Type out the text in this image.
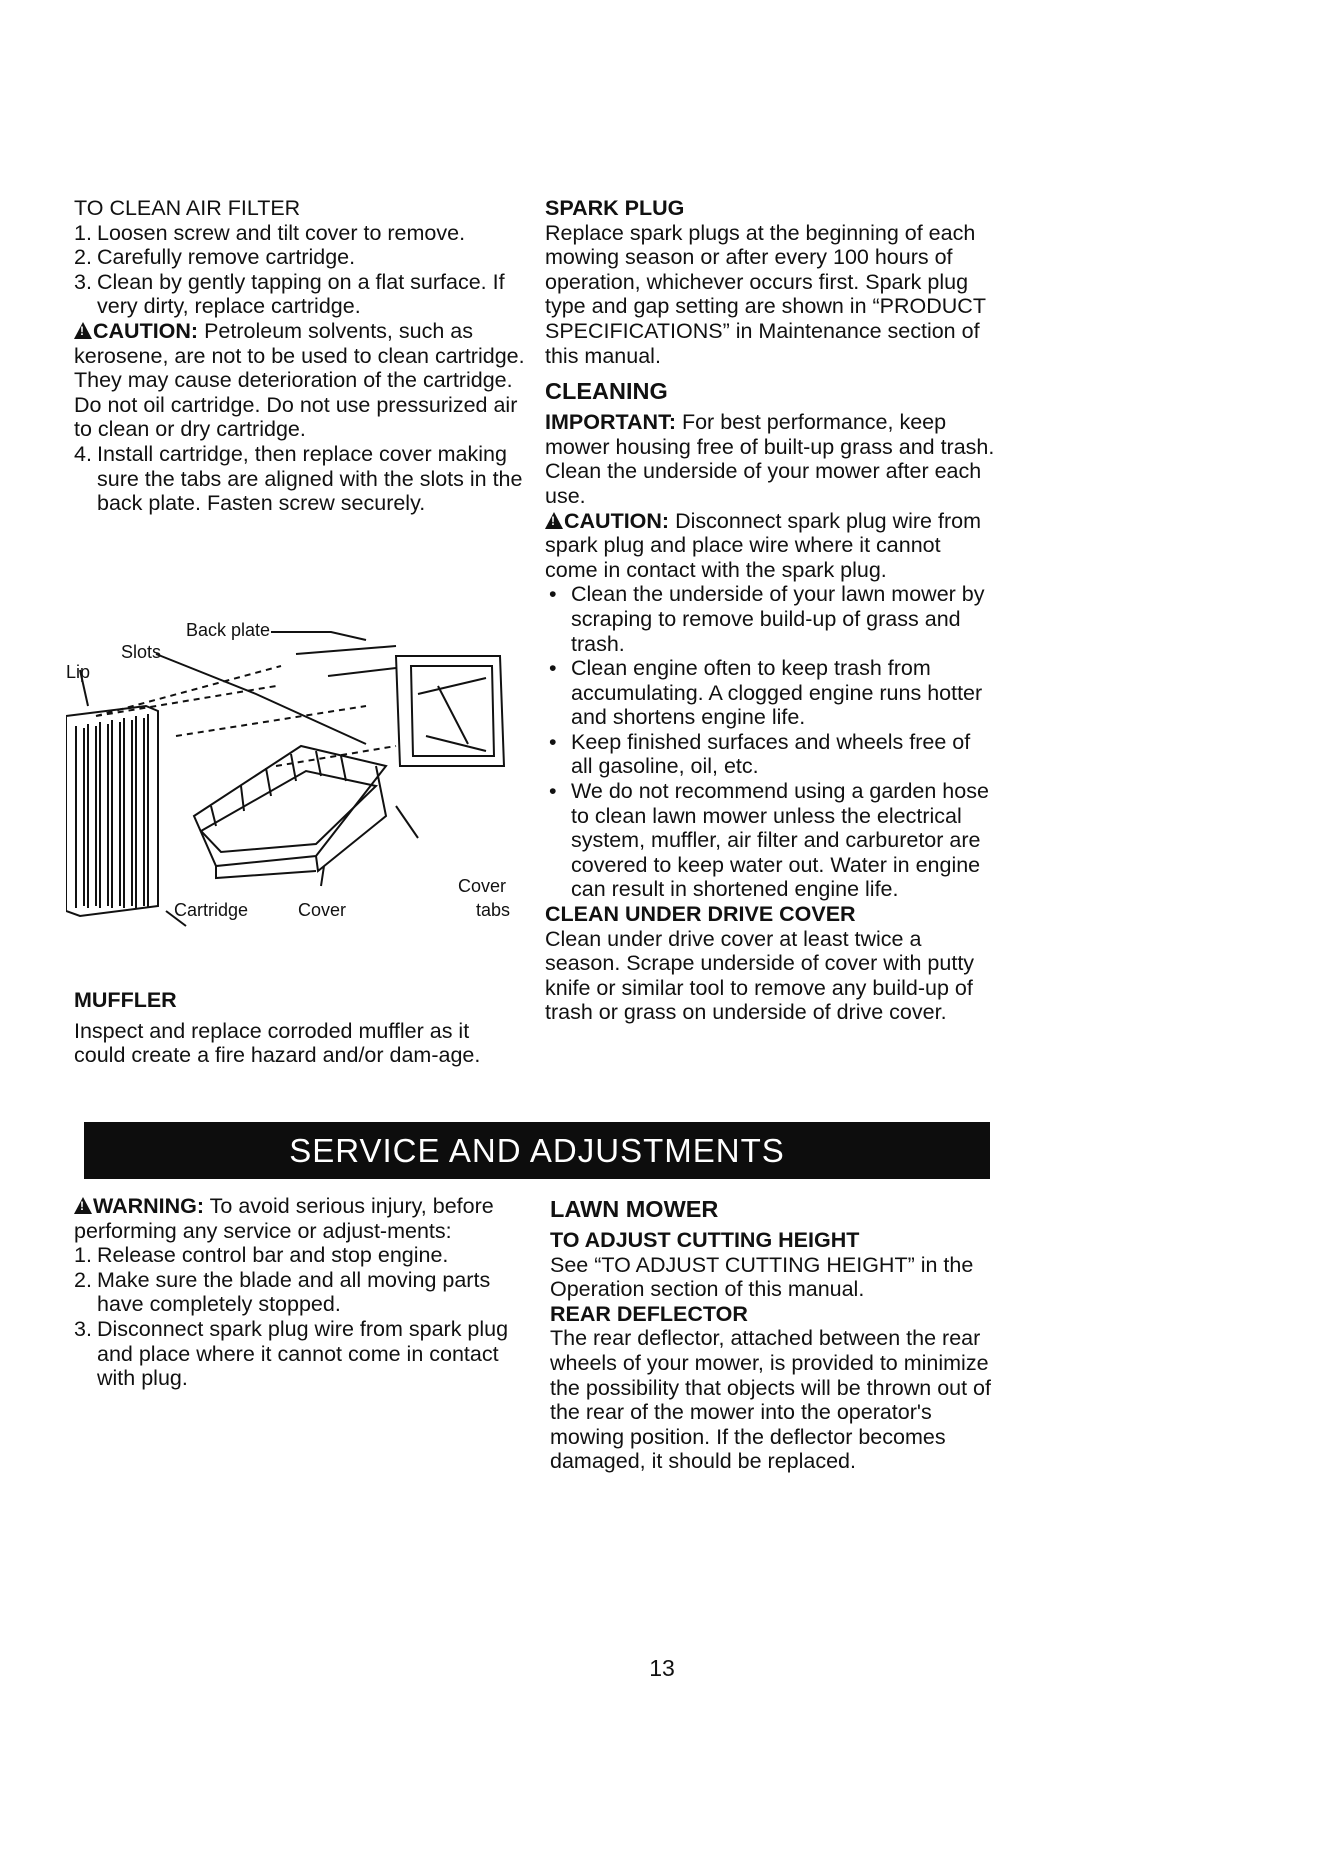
TO CLEAN AIR FILTER

1. Loosen screw and tilt cover to remove.
2. Carefully remove cartridge.
3. Clean by gently tapping on a flat surface. If very dirty, replace cartridge.

!CAUTION: Petroleum solvents, such as kerosene, are not to be used to clean cartridge. They may cause deterioration of the cartridge. Do not oil cartridge. Do not use pressurized air to clean or dry cartridge.

4. Install cartridge, then replace cover making sure the tabs are aligned with the slots in the back plate. Fasten screw securely.
Back plate
Slots
Lip
Cartridge	Cover
Cover
tabs

MUFFLER

Inspect and replace corroded muffler as it could create a fire hazard and/or dam-age.

SPARK PLUG

Replace spark plugs at the beginning of each mowing season or after every 100 hours of operation, whichever occurs first. Spark plug type and gap setting are shown in “PRODUCT SPECIFICATIONS” in Maintenance section of this manual.

CLEANING

IMPORTANT: For best performance, keep mower housing free of built-up grass and trash. Clean the underside of your mower after each use.

!CAUTION: Disconnect spark plug wire from spark plug and place wire where it cannot come in contact with the spark plug.

• Clean the underside of your lawn mower by scraping to remove build-up of grass and trash.
• Clean engine often to keep trash from accumulating. A clogged engine runs hotter and shortens engine life.
• Keep finished surfaces and wheels free of all gasoline, oil, etc.
• We do not recommend using a garden hose to clean lawn mower unless the electrical system, muffler, air filter and carburetor are covered to keep water out. Water in engine can result in shortened engine life.

CLEAN UNDER DRIVE COVER

Clean under drive cover at least twice a season. Scrape underside of cover with putty knife or similar tool to remove any build-up of trash or grass on underside of drive cover.

SERVICE AND ADJUSTMENTS

!WARNING: To avoid serious injury, before performing any service or adjust-ments:

1. Release control bar and stop engine.
2. Make sure the blade and all moving parts have completely stopped.
3. Disconnect spark plug wire from spark plug and place where it cannot come in contact with plug.

LAWN MOWER

TO ADJUST CUTTING HEIGHT

See “TO ADJUST CUTTING HEIGHT” in the Operation section of this manual.

REAR DEFLECTOR

The rear deflector, attached between the rear wheels of your mower, is provided to minimize the possibility that objects will be thrown out of the rear of the mower into the operator's mowing position. If the deflector becomes damaged, it should be replaced.

13
